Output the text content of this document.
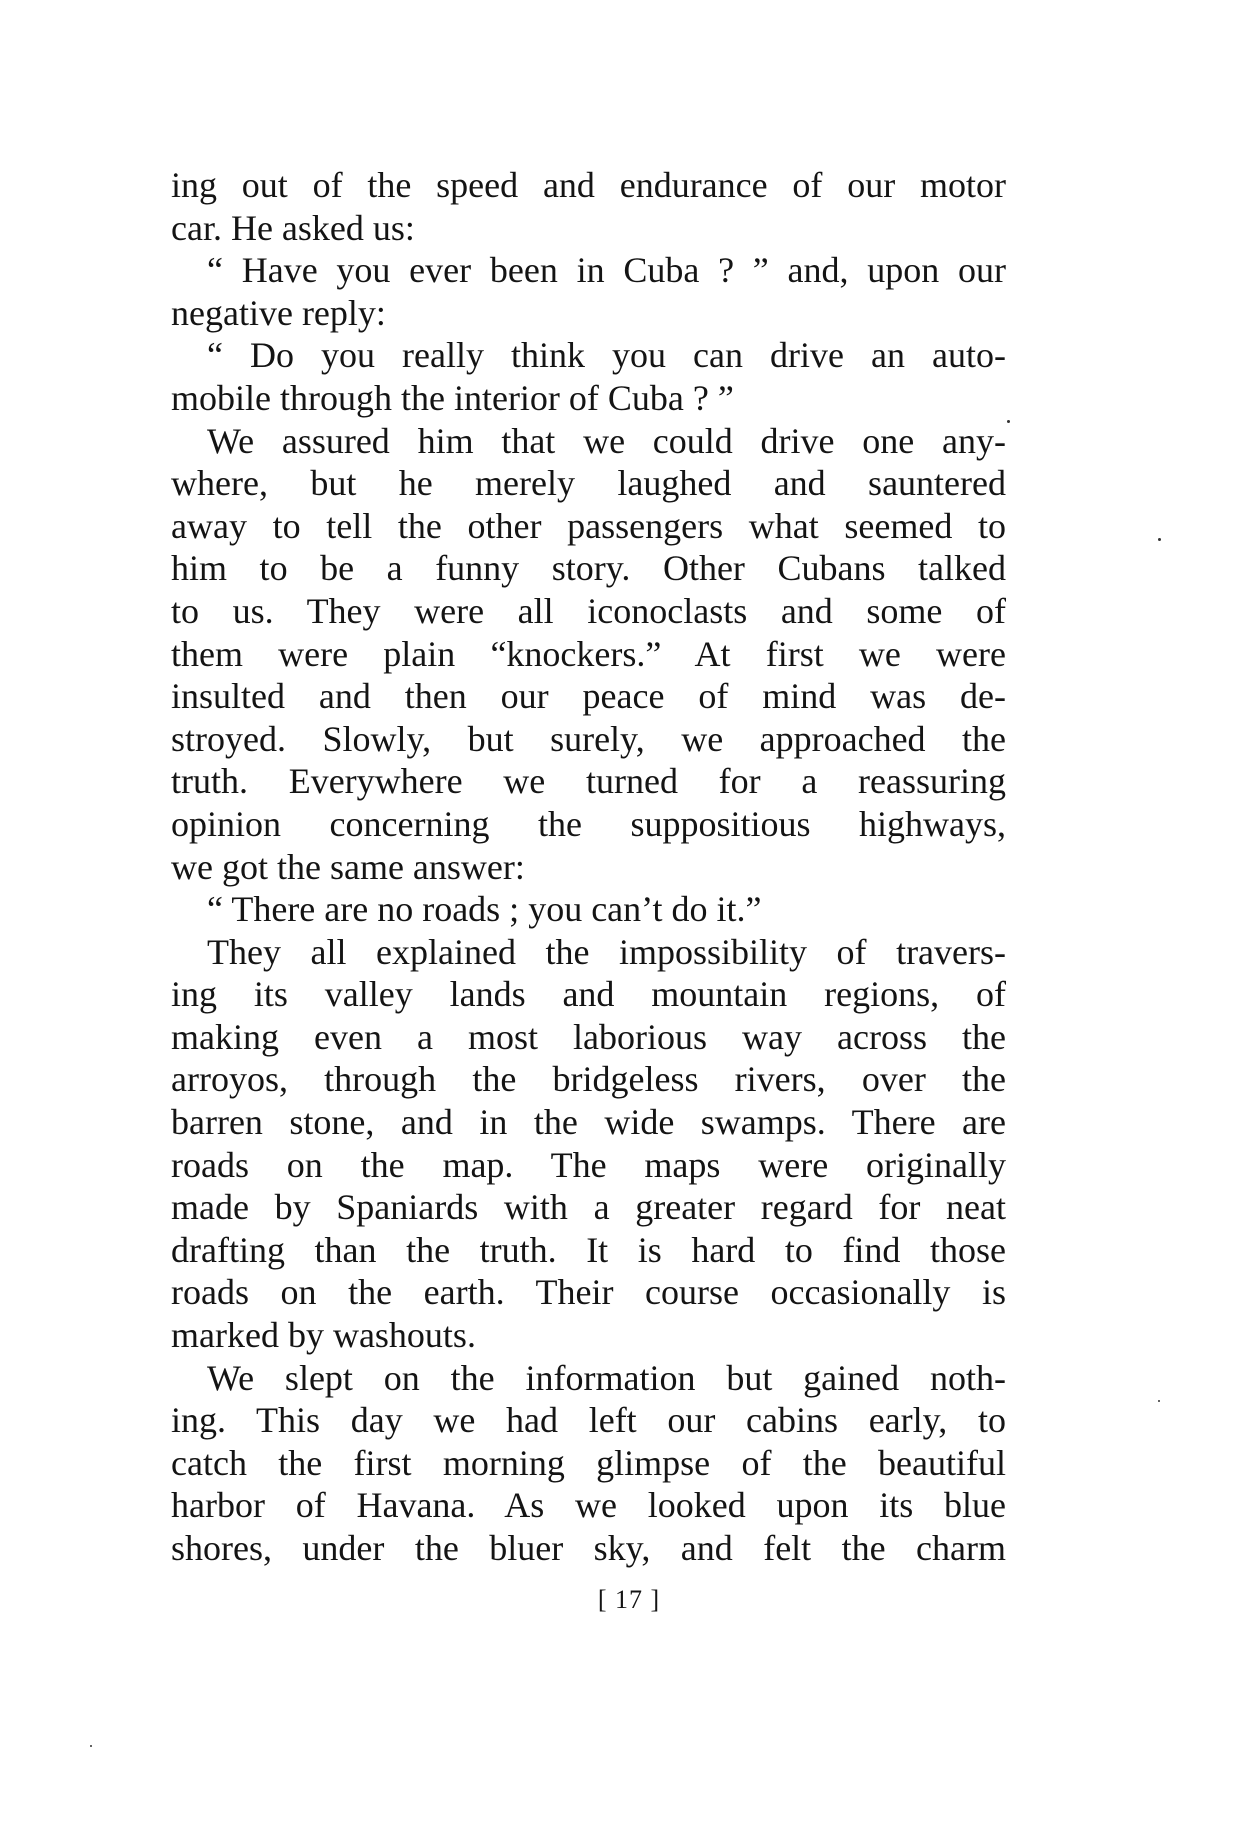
ing out of the speed and endurance of our motor
car. He asked us:
“ Have you ever been in Cuba ? ” and, upon our
negative reply:
“ Do you really think you can drive an auto-
mobile through the interior of Cuba ? ”
We assured him that we could drive one any-
where, but he merely laughed and sauntered
away to tell the other passengers what seemed to
him to be a funny story. Other Cubans talked
to us. They were all iconoclasts and some of
them were plain “knockers.” At first we were
insulted and then our peace of mind was de-
stroyed. Slowly, but surely, we approached the
truth. Everywhere we turned for a reassuring
opinion concerning the suppositious highways,
we got the same answer:
“ There are no roads ; you can’t do it.”
They all explained the impossibility of travers-
ing its valley lands and mountain regions, of
making even a most laborious way across the
arroyos, through the bridgeless rivers, over the
barren stone, and in the wide swamps. There are
roads on the map. The maps were originally
made by Spaniards with a greater regard for neat
drafting than the truth. It is hard to find those
roads on the earth. Their course occasionally is
marked by washouts.
We slept on the information but gained noth-
ing. This day we had left our cabins early, to
catch the first morning glimpse of the beautiful
harbor of Havana. As we looked upon its blue
shores, under the bluer sky, and felt the charm
[ 17 ]
